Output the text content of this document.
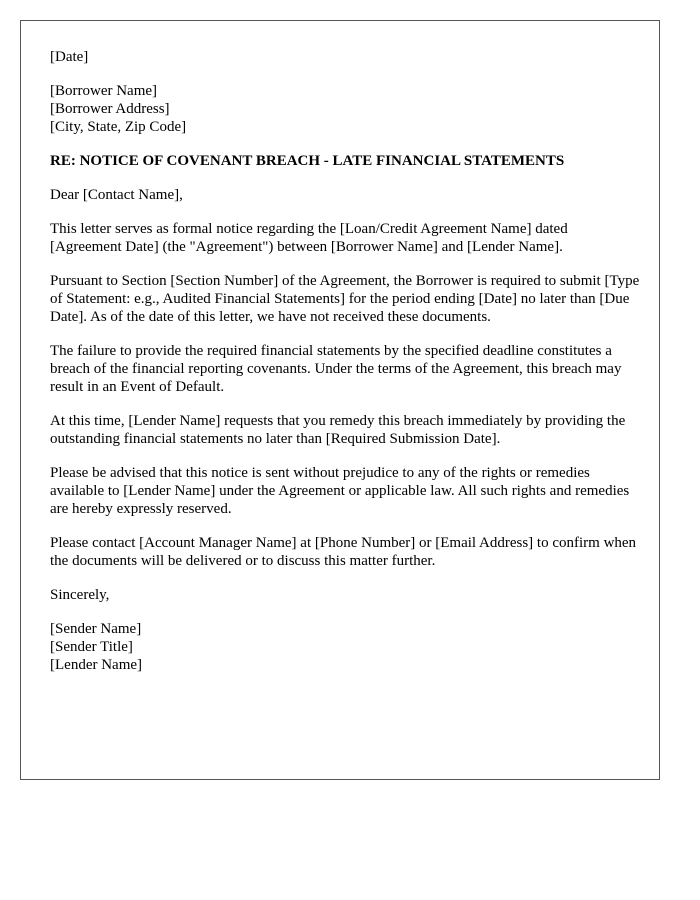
[Date]

[Borrower Name]
[Borrower Address]
[City, State, Zip Code]

RE: NOTICE OF COVENANT BREACH - LATE FINANCIAL STATEMENTS

Dear [Contact Name],

This letter serves as formal notice regarding the [Loan/Credit Agreement Name] dated [Agreement Date] (the "Agreement") between [Borrower Name] and [Lender Name].

Pursuant to Section [Section Number] of the Agreement, the Borrower is required to submit [Type of Statement: e.g., Audited Financial Statements] for the period ending [Date] no later than [Due Date]. As of the date of this letter, we have not received these documents.

The failure to provide the required financial statements by the specified deadline constitutes a breach of the financial reporting covenants. Under the terms of the Agreement, this breach may result in an Event of Default.

At this time, [Lender Name] requests that you remedy this breach immediately by providing the outstanding financial statements no later than [Required Submission Date].

Please be advised that this notice is sent without prejudice to any of the rights or remedies available to [Lender Name] under the Agreement or applicable law. All such rights and remedies are hereby expressly reserved.

Please contact [Account Manager Name] at [Phone Number] or [Email Address] to confirm when the documents will be delivered or to discuss this matter further.

Sincerely,

[Sender Name]
[Sender Title]
[Lender Name]
